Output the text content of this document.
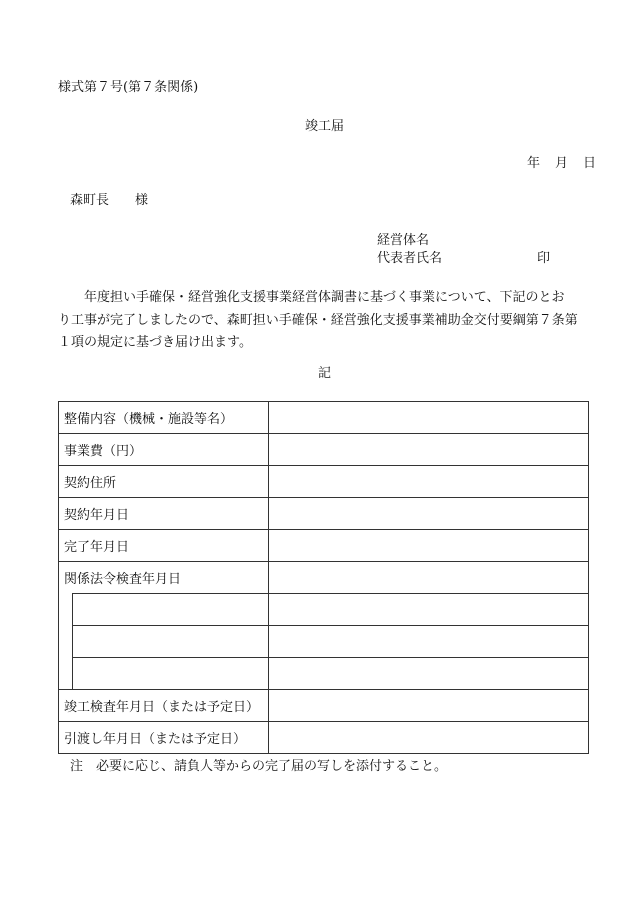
様式第７号(第７条関係)
竣工届
年　月　日
森町長　　様
経営体名
代表者氏名	印
　　年度担い手確保・経営強化支援事業経営体調書に基づく事業について、下記のとお
り工事が完了しましたので、森町担い手確保・経営強化支援事業補助金交付要綱第７条第
１項の規定に基づき届け出ます。
記
整備内容（機械・施設等名）		
事業費（円）		
契約住所		
契約年月日		
完了年月日		
関係法令検査年月日		

竣工検査年月日（または予定日）		
引渡し年月日（または予定日）		
注　必要に応じ、請負人等からの完了届の写しを添付すること。
